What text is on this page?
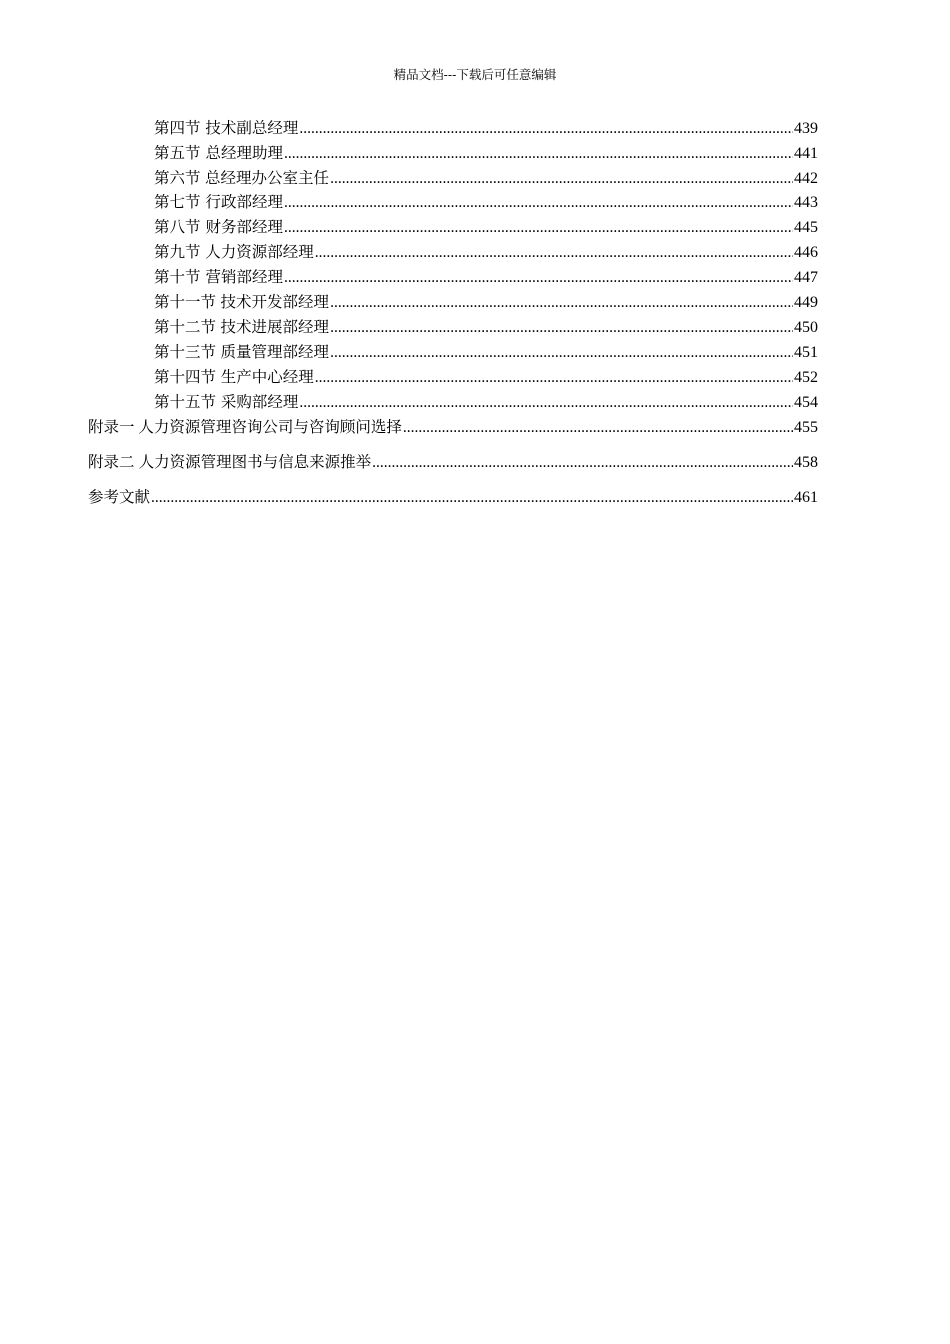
精品文档---下载后可任意编辑
第四节 技术副总经理 .....	439
第五节 总经理助理 .....	441
第六节 总经理办公室主任 .....	442
第七节 行政部经理 .....	443
第八节 财务部经理 .....	445
第九节 人力资源部经理 .....	446
第十节 营销部经理 .....	447
第十一节 技术开发部经理 .....	449
第十二节 技术进展部经理 .....	450
第十三节 质量管理部经理 .....	451
第十四节 生产中心经理 .....	452
第十五节 采购部经理 .....	454
附录一 人力资源管理咨询公司与咨询顾问选择 .....	455
附录二 人力资源管理图书与信息来源推举 .....	458
参考文献 .....	461
